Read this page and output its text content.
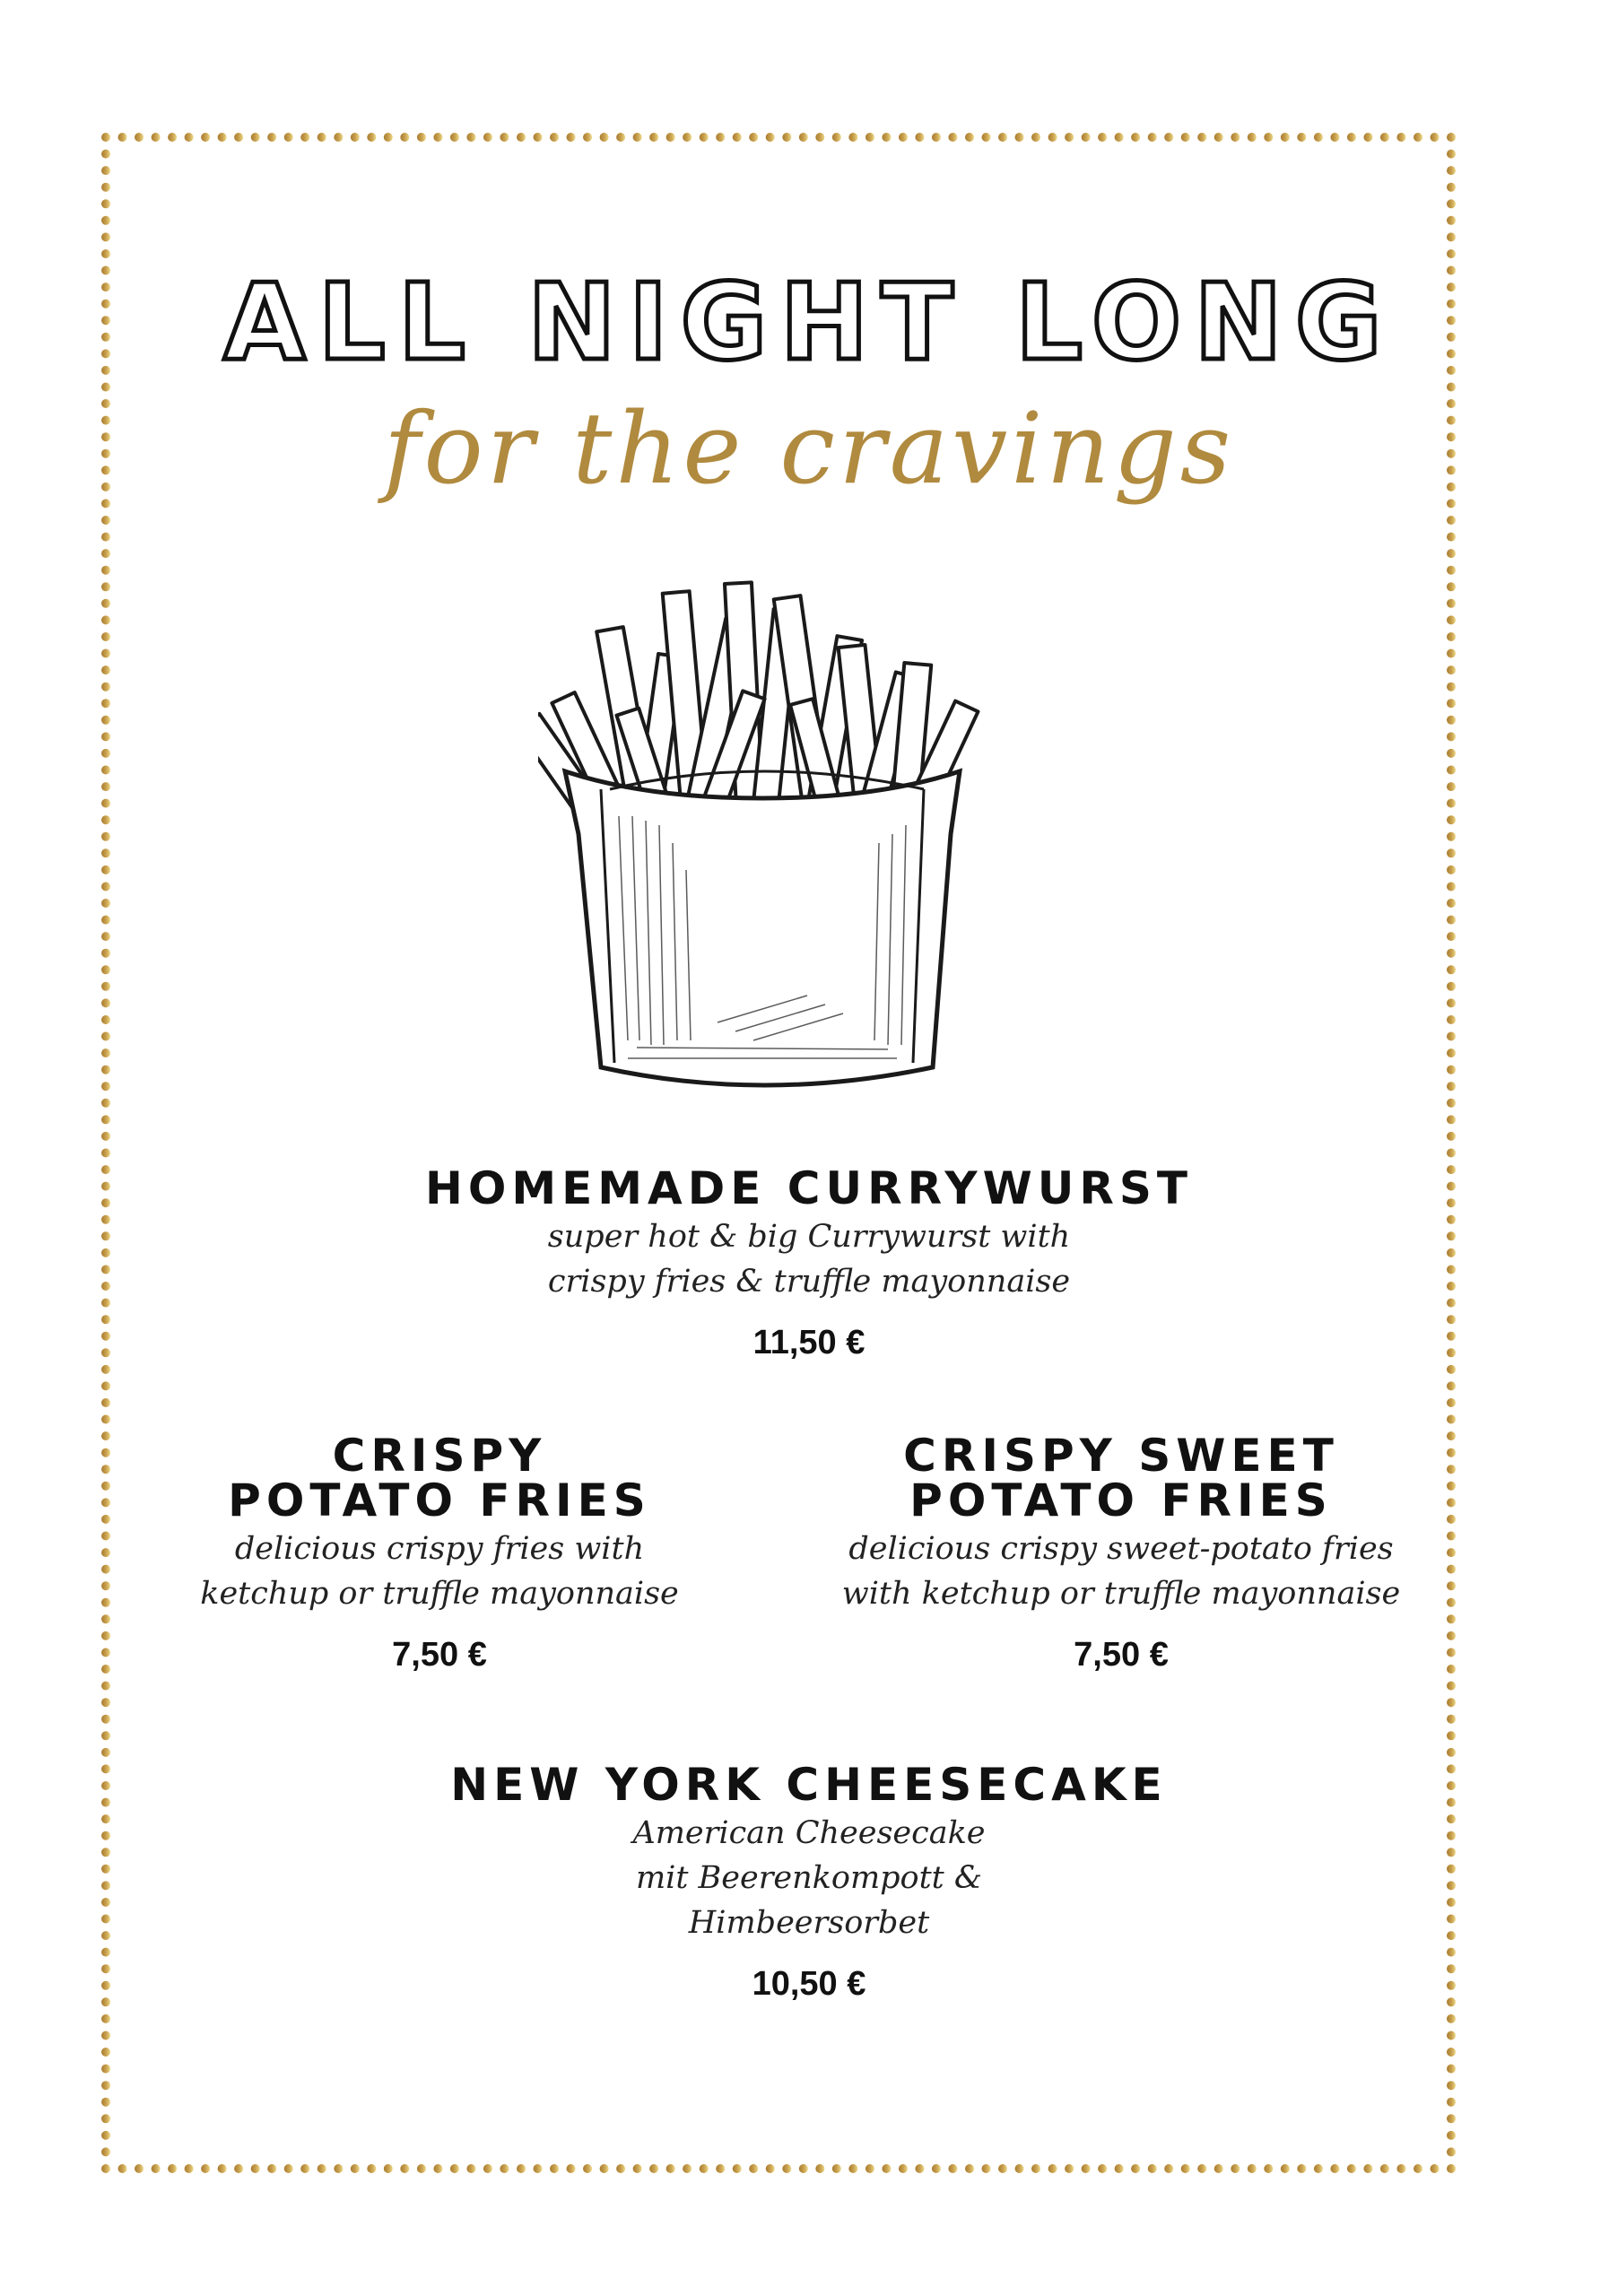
ALL NIGHT LONG
for the cravings
HOMEMADE CURRYWURST
super hot & big Currywurst with
crispy fries & truffle mayonnaise
11,50 €
CRISPY
POTATO FRIES
delicious crispy fries with
ketchup or truffle mayonnaise
7,50 €
CRISPY SWEET
POTATO FRIES
delicious crispy sweet-potato fries
with ketchup or truffle mayonnaise
7,50 €
NEW YORK CHEESECAKE
American Cheesecake
mit Beerenkompott &
Himbeersorbet
10,50 €
